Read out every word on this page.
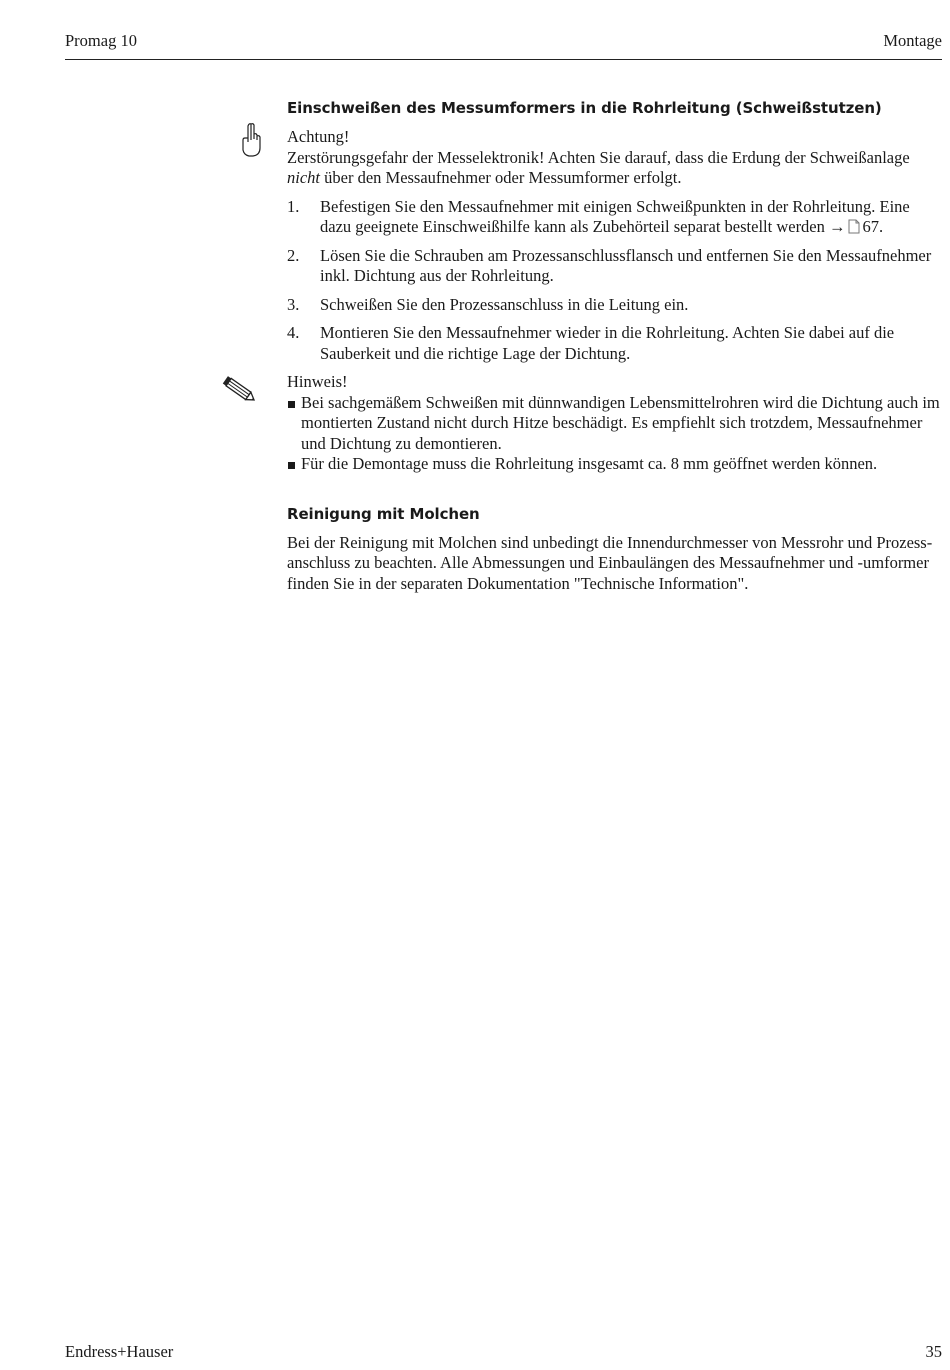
Promag 10	Montage
Einschweißen des Messumformers in die Rohrleitung (Schweißstutzen)
Achtung!
Zerstörungsgefahr der Messelektronik! Achten Sie darauf, dass die Erdung der Schweißanlage nicht über den Messaufnehmer oder Messumformer erfolgt.
1. Befestigen Sie den Messaufnehmer mit einigen Schweißpunkten in der Rohrleitung. Eine dazu geeignete Einschweißhilfe kann als Zubehörteil separat bestellt werden → 67.
2. Lösen Sie die Schrauben am Prozessanschlussflansch und entfernen Sie den Messaufnehmer inkl. Dichtung aus der Rohrleitung.
3. Schweißen Sie den Prozessanschluss in die Leitung ein.
4. Montieren Sie den Messaufnehmer wieder in die Rohrleitung. Achten Sie dabei auf die Sauberkeit und die richtige Lage der Dichtung.
Hinweis!
Bei sachgemäßem Schweißen mit dünnwandigen Lebensmittelrohren wird die Dichtung auch im montierten Zustand nicht durch Hitze beschädigt. Es empfiehlt sich trotzdem, Messaufnehmer und Dichtung zu demontieren.
Für die Demontage muss die Rohrleitung insgesamt ca. 8 mm geöffnet werden können.
Reinigung mit Molchen

Bei der Reinigung mit Molchen sind unbedingt die Innendurchmesser von Messrohr und Prozess-anschluss zu beachten. Alle Abmessungen und Einbaulängen des Messaufnehmer und -umformer finden Sie in der separaten Dokumentation "Technische Information".

Endress+Hauser	35
